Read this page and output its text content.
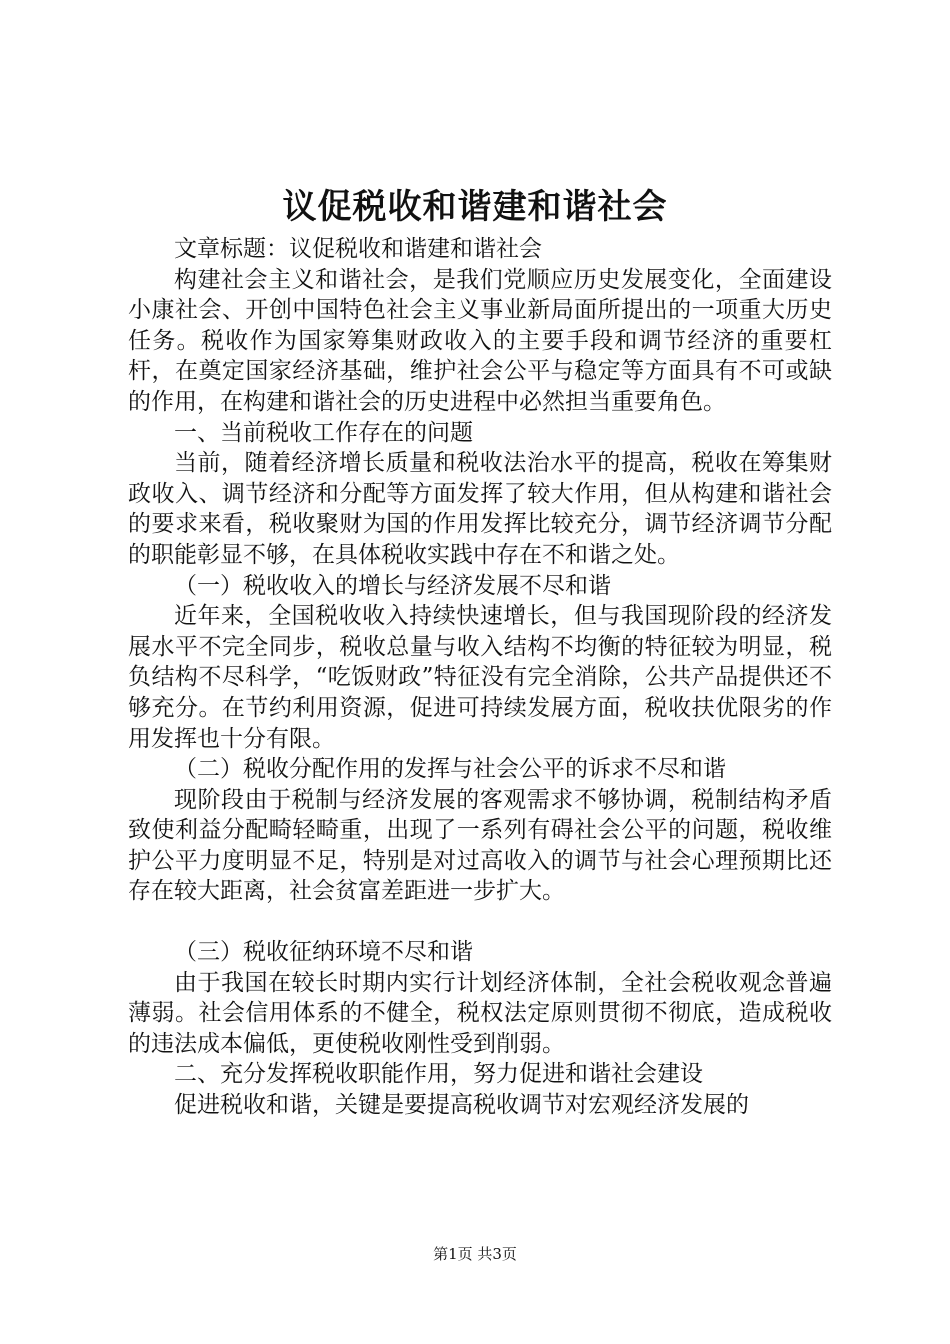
议促税收和谐建和谐社会

文章标题：议促税收和谐建和谐社会

构建社会主义和谐社会，是我们党顺应历史发展变化，全面建设小康社会、开创中国特色社会主义事业新局面所提出的一项重大历史任务。税收作为国家筹集财政收入的主要手段和调节经济的重要杠杆，在奠定国家经济基础，维护社会公平与稳定等方面具有不可或缺的作用，在构建和谐社会的历史进程中必然担当重要角色。

一、当前税收工作存在的问题

当前，随着经济增长质量和税收法治水平的提高，税收在筹集财政收入、调节经济和分配等方面发挥了较大作用，但从构建和谐社会的要求来看，税收聚财为国的作用发挥比较充分，调节经济调节分配的职能彰显不够，在具体税收实践中存在不和谐之处。

（一）税收收入的增长与经济发展不尽和谐

近年来，全国税收收入持续快速增长，但与我国现阶段的经济发展水平不完全同步，税收总量与收入结构不均衡的特征较为明显，税负结构不尽科学，“吃饭财政”特征没有完全消除，公共产品提供还不够充分。在节约利用资源，促进可持续发展方面，税收扶优限劣的作用发挥也十分有限。

（二）税收分配作用的发挥与社会公平的诉求不尽和谐

现阶段由于税制与经济发展的客观需求不够协调，税制结构矛盾致使利益分配畸轻畸重，出现了一系列有碍社会公平的问题，税收维护公平力度明显不足，特别是对过高收入的调节与社会心理预期比还存在较大距离，社会贫富差距进一步扩大。

（三）税收征纳环境不尽和谐

由于我国在较长时期内实行计划经济体制，全社会税收观念普遍薄弱。社会信用体系的不健全，税权法定原则贯彻不彻底，造成税收的违法成本偏低，更使税收刚性受到削弱。

二、充分发挥税收职能作用，努力促进和谐社会建设

促进税收和谐，关键是要提高税收调节对宏观经济发展的

第1页 共3页
